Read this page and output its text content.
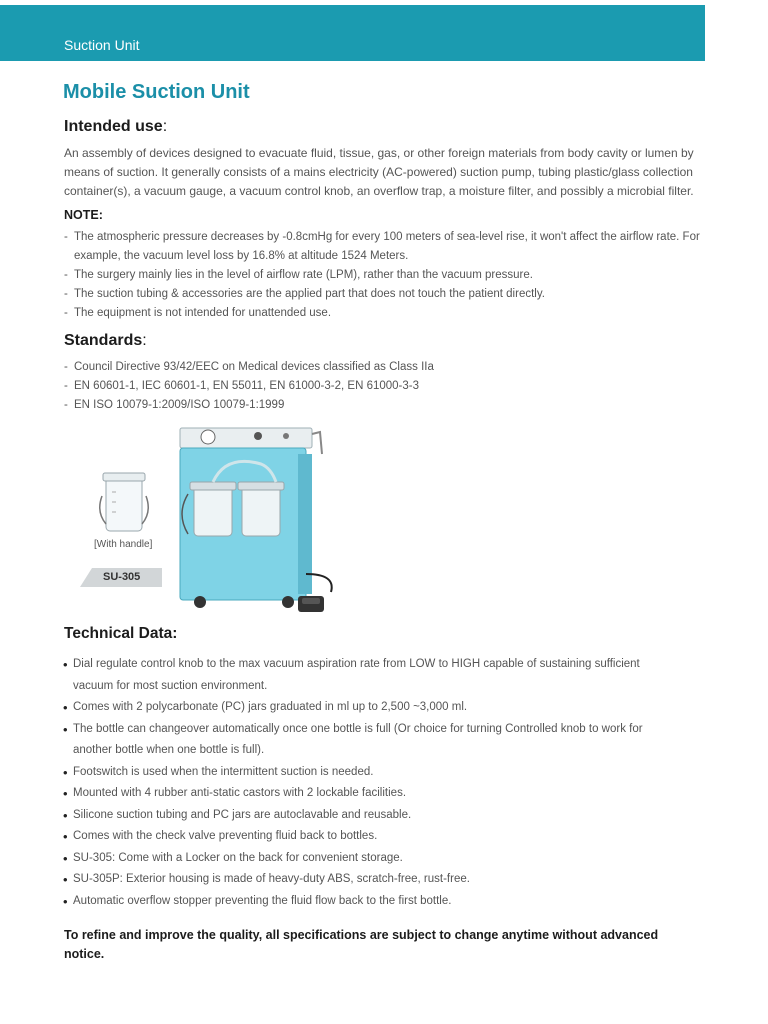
Suction Unit
Mobile Suction Unit
Intended use:
An assembly of devices designed to evacuate fluid, tissue, gas, or other foreign materials from body cavity or lumen by means of suction. It generally consists of a mains electricity (AC-powered) suction pump, tubing plastic/glass collection container(s), a vacuum gauge, a vacuum control knob, an overflow trap, a moisture filter, and possibly a microbial filter.
NOTE:
- The atmospheric pressure decreases by -0.8cmHg for every 100 meters of sea-level rise, it won't affect the airflow rate. For example, the vacuum level loss by 16.8% at altitude 1524 Meters.
- The surgery mainly lies in the level of airflow rate (LPM), rather than the vacuum pressure.
- The suction tubing & accessories are the applied part that does not touch the patient directly.
- The equipment is not intended for unattended use.
Standards:
- Council Directive 93/42/EEC on Medical devices classified as Class IIa
- EN 60601-1, IEC 60601-1, EN 55011, EN 61000-3-2, EN 61000-3-3
- EN ISO 10079-1:2009/ISO 10079-1:1999
[With handle]
SU-305
Technical Data:
• Dial regulate control knob to the max vacuum aspiration rate from LOW to HIGH capable of sustaining sufficient vacuum for most suction environment.
• Comes with 2 polycarbonate (PC) jars graduated in ml up to 2,500 ~3,000 ml.
• The bottle can changeover automatically once one bottle is full (Or choice for turning Controlled knob to work for another bottle when one bottle is full).
• Footswitch is used when the intermittent suction is needed.
• Mounted with 4 rubber anti-static castors with 2 lockable facilities.
• Silicone suction tubing and PC jars are autoclavable and reusable.
• Comes with the check valve preventing fluid back to bottles.
• SU-305: Come with a Locker on the back for convenient storage.
• SU-305P: Exterior housing is made of heavy-duty ABS, scratch-free, rust-free.
• Automatic overflow stopper preventing the fluid flow back to the first bottle.
To refine and improve the quality, all specifications are subject to change anytime without advanced notice.
